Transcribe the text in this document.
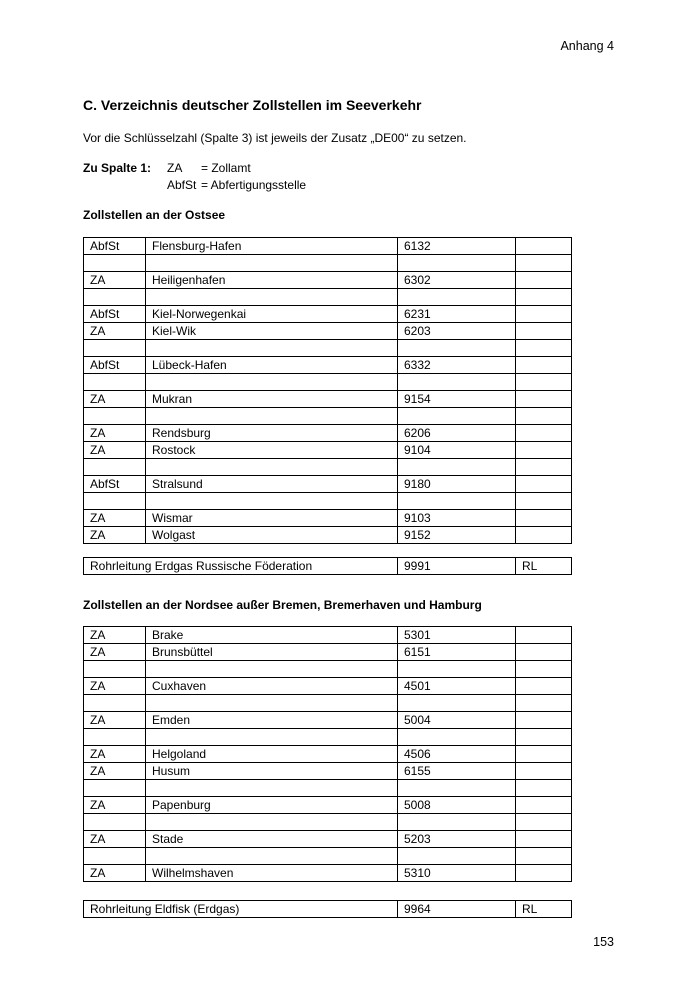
Anhang 4
C. Verzeichnis deutscher Zollstellen im Seeverkehr
Vor die Schlüsselzahl (Spalte 3) ist jeweils der Zusatz „DE00“ zu setzen.
Zu Spalte 1: ZA = Zollamt
AbfSt = Abfertigungsstelle
Zollstellen an der Ostsee
AbfSt	Flensburg-Hafen	6132	

ZA	Heiligenhafen	6302	

AbfSt	Kiel-Norwegenkai	6231	
ZA	Kiel-Wik	6203	

AbfSt	Lübeck-Hafen	6332	

ZA	Mukran	9154	

ZA	Rendsburg	6206	
ZA	Rostock	9104	

AbfSt	Stralsund	9180	

ZA	Wismar	9103	
ZA	Wolgast	9152	
Rohrleitung Erdgas Russische Föderation	9991	RL
Zollstellen an der Nordsee außer Bremen, Bremerhaven und Hamburg
ZA	Brake	5301	
ZA	Brunsbüttel	6151	

ZA	Cuxhaven	4501	

ZA	Emden	5004	

ZA	Helgoland	4506	
ZA	Husum	6155	

ZA	Papenburg	5008	

ZA	Stade	5203	

ZA	Wilhelmshaven	5310	
Rohrleitung Eldfisk (Erdgas)	9964	RL
153
